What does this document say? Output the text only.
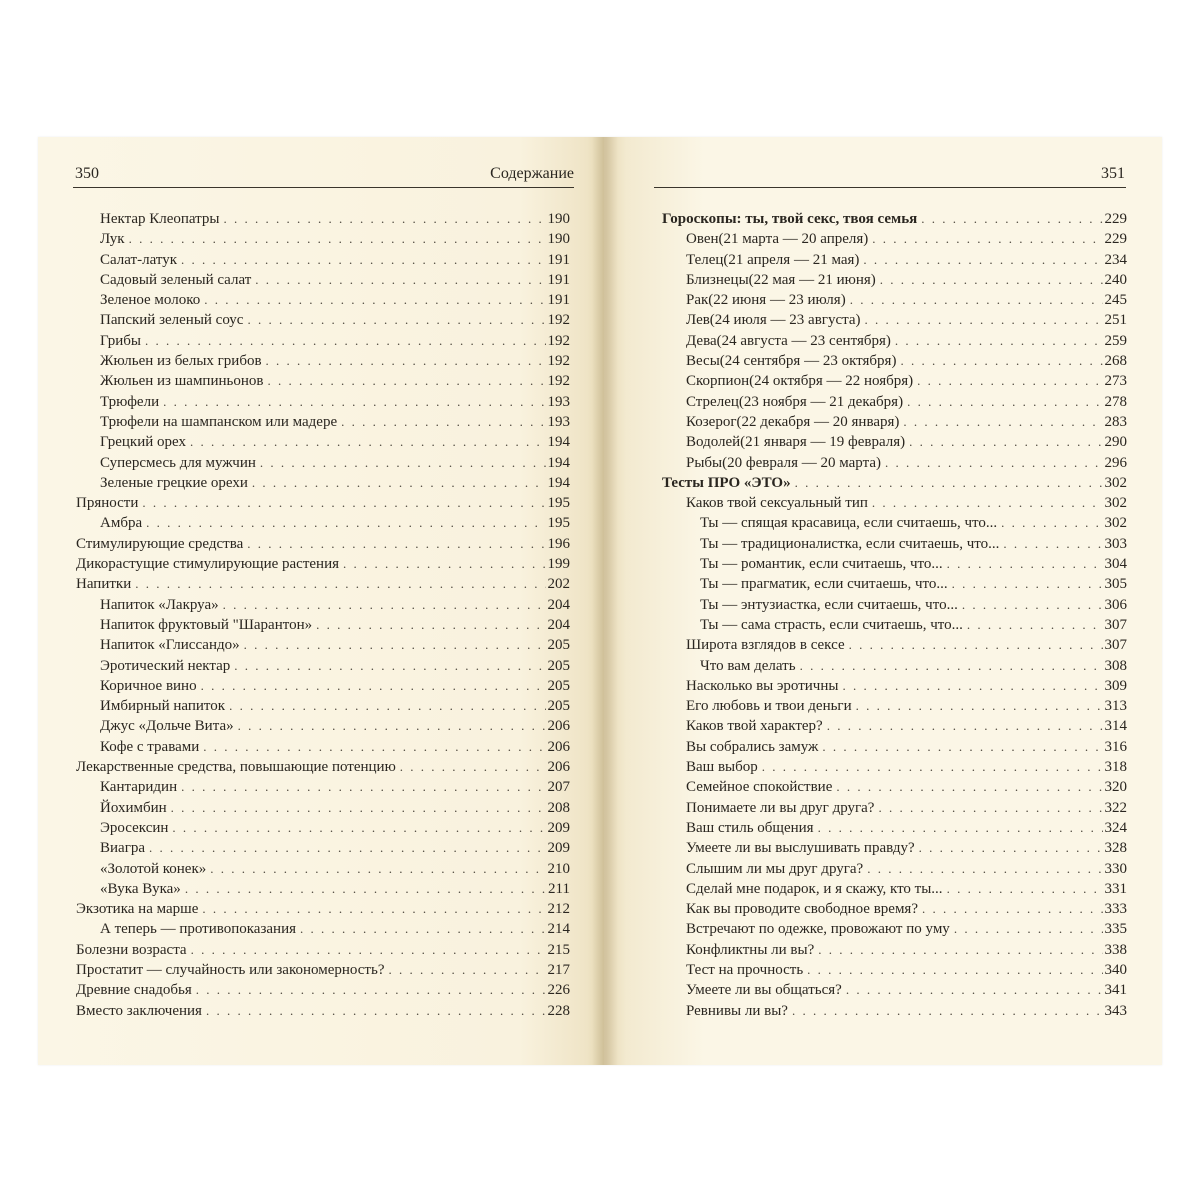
350	Содержание
Нектар Клеопатры . . .	190
Лук . . .	190
Салат-латук . . .	191
Садовый зеленый салат . . .	191
Зеленое молоко . . .	191
Папский зеленый соус . . .	192
Грибы . . .	192
Жюльен из белых грибов . . .	192
Жюльен из шампиньонов . . .	192
Трюфели . . .	193
Трюфели на шампанском или мадере . . .	193
Грецкий орех . . .	194
Суперсмесь для мужчин . . .	194
Зеленые грецкие орехи . . .	194
Пряности . . .	195
Амбра . . .	195
Стимулирующие средства . . .	196
Дикорастущие стимулирующие растения . . .	199
Напитки . . .	202
Напиток «Лакруа» . . .	204
Напиток фруктовый "Шарантон» . . .	204
Напиток «Глиссандо» . . .	205
Эротический нектар . . .	205
Коричное вино . . .	205
Имбирный напиток . . .	205
Джус «Дольче Вита» . . .	206
Кофе с травами . . .	206
Лекарственные средства, повышающие потенцию . . .	206
Кантаридин . . .	207
Йохимбин . . .	208
Эросексин . . .	209
Виагра . . .	209
«Золотой конек» . . .	210
«Вука Вука» . . .	211
Экзотика на марше . . .	212
А теперь — противопоказания . . .	214
Болезни возраста . . .	215
Простатит — случайность или закономерность? . . .	217
Древние снадобья . . .	226
Вместо заключения . . .	228
351
Гороскопы: ты, твой секс, твоя семья . . .	229
Овен(21 марта — 20 апреля) . . .	229
Телец(21 апреля — 21 мая) . . .	234
Близнецы(22 мая — 21 июня) . . .	240
Рак(22 июня — 23 июля) . . .	245
Лев(24 июля — 23 августа) . . .	251
Дева(24 августа — 23 сентября) . . .	259
Весы(24 сентября — 23 октября) . . .	268
Скорпион(24 октября — 22 ноября) . . .	273
Стрелец(23 ноября — 21 декабря) . . .	278
Козерог(22 декабря — 20 января) . . .	283
Водолей(21 января — 19 февраля) . . .	290
Рыбы(20 февраля — 20 марта) . . .	296
Тесты ПРО «ЭТО» . . .	302
Каков твой сексуальный тип . . .	302
Ты — спящая красавица, если считаешь, что... . . .	302
Ты — традиционалистка, если считаешь, что... . . .	303
Ты — романтик, если считаешь, что... . . .	304
Ты — прагматик, если считаешь, что... . . .	305
Ты — энтузиастка, если считаешь, что... . . .	306
Ты — сама страсть, если считаешь, что... . . .	307
Широта взглядов в сексе . . .	307
Что вам делать . . .	308
Насколько вы эротичны . . .	309
Его любовь и твои деньги . . .	313
Каков твой характер? . . .	314
Вы собрались замуж . . .	316
Ваш выбор . . .	318
Семейное спокойствие . . .	320
Понимаете ли вы друг друга? . . .	322
Ваш стиль общения . . .	324
Умеете ли вы выслушивать правду? . . .	328
Слышим ли мы друг друга? . . .	330
Сделай мне подарок, и я скажу, кто ты... . . .	331
Как вы проводите свободное время? . . .	333
Встречают по одежке, провожают по уму . . .	335
Конфликтны ли вы? . . .	338
Тест на прочность . . .	340
Умеете ли вы общаться? . . .	341
Ревнивы ли вы? . . .	343
